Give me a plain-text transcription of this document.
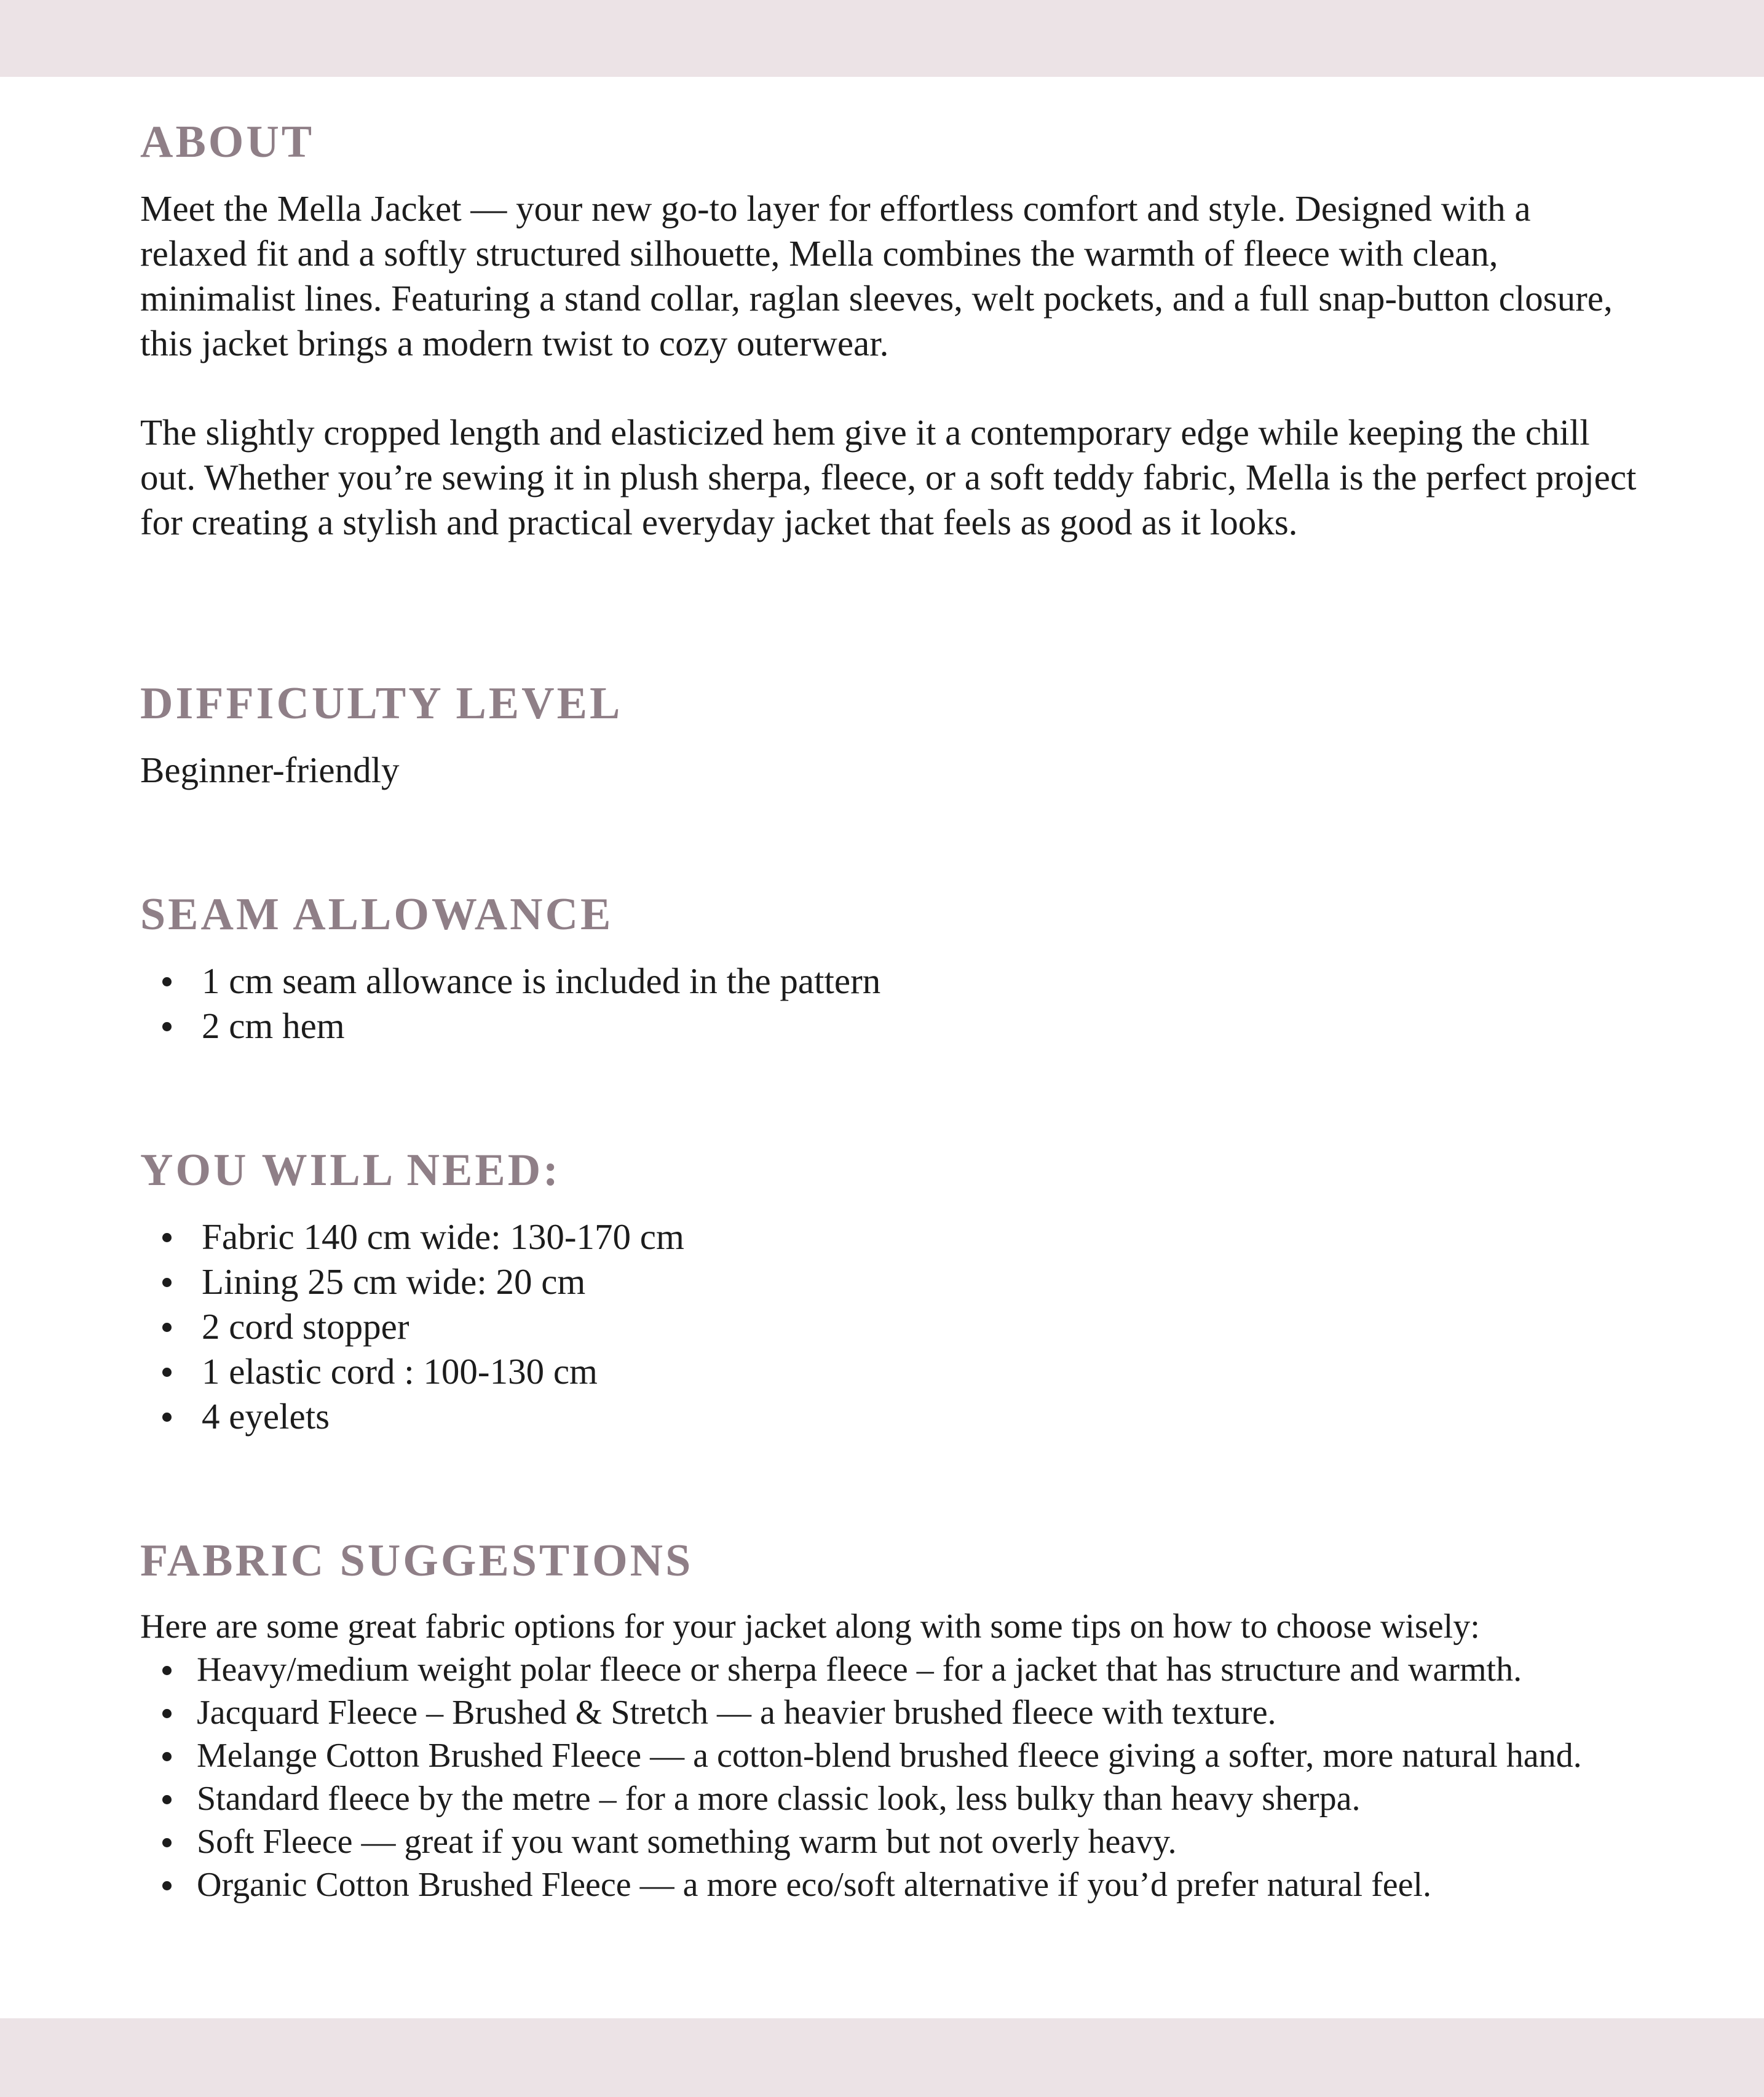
ABOUT

Meet the Mella Jacket — your new go-to layer for effortless comfort and style. Designed with a relaxed fit and a softly structured silhouette, Mella combines the warmth of fleece with clean, minimalist lines. Featuring a stand collar, raglan sleeves, welt pockets, and a full snap-button closure, this jacket brings a modern twist to cozy outerwear.

The slightly cropped length and elasticized hem give it a contemporary edge while keeping the chill out. Whether you’re sewing it in plush sherpa, fleece, or a soft teddy fabric, Mella is the perfect project for creating a stylish and practical everyday jacket that feels as good as it looks.

DIFFICULTY LEVEL

Beginner-friendly

SEAM ALLOWANCE
1 cm seam allowance is included in the pattern
2 cm hem
YOU WILL NEED:
Fabric 140 cm wide: 130-170 cm
Lining 25 cm wide: 20 cm
2 cord stopper
1 elastic cord : 100-130 cm
4 eyelets
FABRIC SUGGESTIONS

Here are some great fabric options for your jacket along with some tips on how to choose wisely:

Heavy/medium weight polar fleece or sherpa fleece – for a jacket that has structure and warmth.
Jacquard Fleece – Brushed & Stretch — a heavier brushed fleece with texture.
Melange Cotton Brushed Fleece — a cotton-blend brushed fleece giving a softer, more natural hand.
Standard fleece by the metre – for a more classic look, less bulky than heavy sherpa.
Soft Fleece — great if you want something warm but not overly heavy.
Organic Cotton Brushed Fleece — a more eco/soft alternative if you’d prefer natural feel.
